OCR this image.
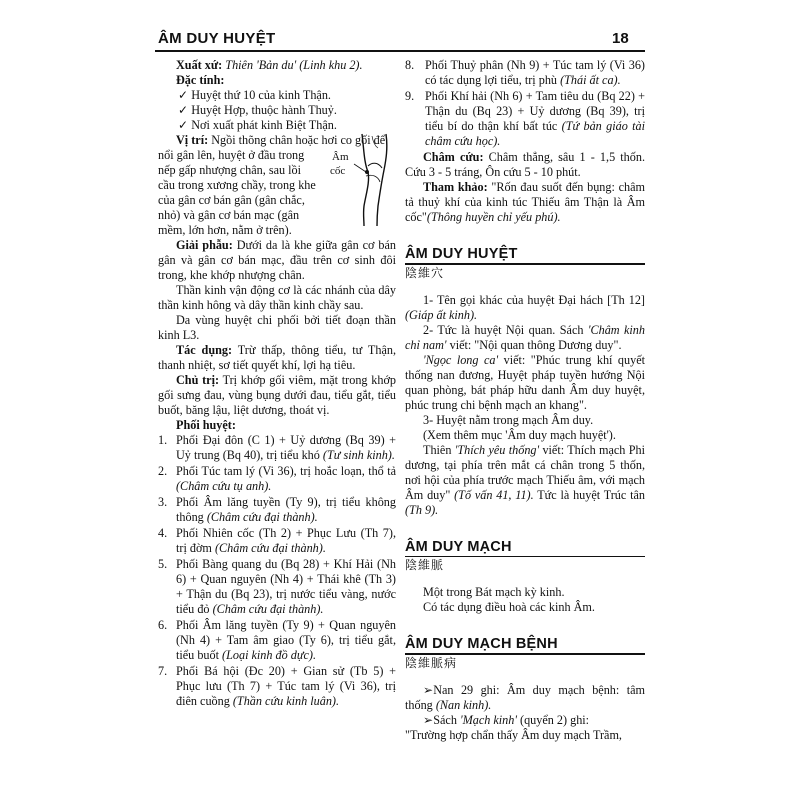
ÂM DUY HUYỆT	18

Xuất xứ: Thiên 'Bản du' (Linh khu 2).

Đặc tính:

✓ Huyệt thứ 10 của kinh Thận.

✓ Huyệt Hợp, thuộc hành Thuỷ.

✓ Nơi xuất phát kinh Biệt Thận.

Vị trí: Ngồi thõng chân hoặc hơi co gối để

nổi gân lên, huyệt ở đầu trong

nếp gấp nhượng chân, sau lồi

cầu trong xương chầy, trong khe

của gân cơ bán gân (gân chắc,

nhỏ) và gân cơ bán mạc (gân

mềm, lớn hơn, nằm ở trên).

Âm
cốc

Giải phẫu: Dưới da là khe giữa gân cơ bán gân và gân cơ bán mạc, đầu trên cơ sinh đôi trong, khe khớp nhượng chân.

Thần kinh vận động cơ là các nhánh của dây thần kinh hông và dây thần kinh chầy sau.

Da vùng huyệt chi phối bởi tiết đoạn thần kinh L3.

Tác dụng: Trừ thấp, thông tiểu, tư Thận, thanh nhiệt, sơ tiết quyết khí, lợi hạ tiêu.

Chủ trị: Trị khớp gối viêm, mặt trong khớp gối sưng đau, vùng bụng dưới đau, tiểu gắt, tiểu buốt, băng lậu, liệt dương, thoát vị.

Phối huyệt:

1. Phối Đại đôn (C 1) + Uỷ dương (Bq 39) + Uỷ trung (Bq 40), trị tiểu khó (Tư sinh kinh).
2. Phối Túc tam lý (Vi 36), trị hoắc loạn, thổ tả (Châm cứu tụ anh).
3. Phối Âm lăng tuyền (Ty 9), trị tiểu không thông (Châm cứu đại thành).
4. Phối Nhiên cốc (Th 2) + Phục Lưu (Th 7), trị đờm (Châm cứu đại thành).
5. Phối Bàng quang du (Bq 28) + Khí Hải (Nh 6) + Quan nguyên (Nh 4) + Thái khê (Th 3) + Thận du (Bq 23), trị nước tiểu vàng, nước tiểu đỏ (Châm cứu đại thành).
6. Phối Âm lăng tuyền (Ty 9) + Quan nguyên (Nh 4) + Tam âm giao (Ty 6), trị tiểu gắt, tiểu buốt (Loại kinh đồ dực).
7. Phối Bá hội (Đc 20) + Gian sử (Tb 5) + Phục lưu (Th 7) + Túc tam lý (Vi 36), trị điên cuồng (Thần cứu kinh luân).
8. Phối Thuỷ phân (Nh 9) + Túc tam lý (Vi 36) có tác dụng lợi tiểu, trị phù (Thái ất ca).
9. Phối Khí hải (Nh 6) + Tam tiêu du (Bq 22) + Thận du (Bq 23) + Uỷ dương (Bq 39), trị tiểu bí do thận khí bất túc (Tứ bản giáo tài châm cứu học).

Châm cứu: Châm thẳng, sâu 1 - 1,5 thốn. Cứu 3 - 5 tráng, Ôn cứu 5 - 10 phút.

Tham khảo: "Rốn đau suốt đến bụng: châm tả thuỷ khí của kinh túc Thiếu âm Thận là Âm cốc"(Thông huyền chỉ yếu phú).

ÂM DUY HUYỆT
陰維穴

1- Tên gọi khác của huyệt Đại hách [Th 12] (Giáp ất kinh).

2- Tức là huyệt Nội quan. Sách 'Châm kinh chỉ nam' viết: "Nội quan thông Dương duy".

'Ngọc long ca' viết: "Phúc trung khí quyết thống nan đương, Huyệt pháp tuyền hướng Nội quan phòng, bát pháp hữu danh Âm duy huyệt, phúc trung chi bệnh mạch an khang".

3- Huyệt nằm trong mạch Âm duy.

(Xem thêm mục 'Âm duy mạch huyệt').

Thiên 'Thích yêu thống' viết: Thích mạch Phi dương, tại phía trên mắt cá chân trong 5 thốn, nơi hội của phía trước mạch Thiếu âm, với mạch Âm duy" (Tố vấn 41, 11). Tức là huyệt Trúc tân (Th 9).

ÂM DUY MẠCH
陰維脈

Một trong Bát mạch kỳ kinh.

Có tác dụng điều hoà các kinh Âm.

ÂM DUY MẠCH BỆNH
陰維脈病

➢Nan 29 ghi: Âm duy mạch bệnh: tâm thống (Nan kinh).

➢Sách 'Mạch kinh' (quyển 2) ghi:

"Trường hợp chẩn thấy Âm duy mạch Trầm,
